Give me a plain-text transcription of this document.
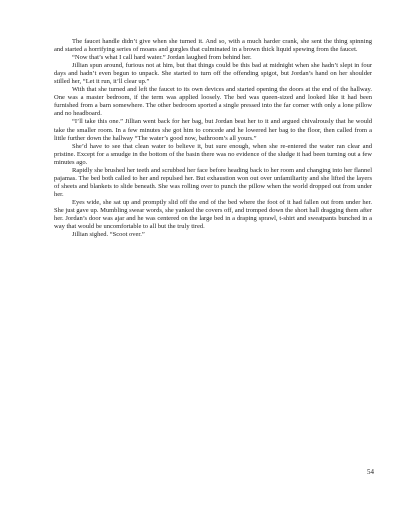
The faucet handle didn’t give when she turned it. And so, with a much harder crank, she sent the thing spinning and started a horrifying series of moans and gurgles that culminated in a brown thick liquid spewing from the faucet.

“Now that’s what I call hard water.” Jordan laughed from behind her.

Jillian spun around, furious not at him, but that things could be this bad at midnight when she hadn’t slept in four days and hadn’t even begun to unpack. She started to turn off the offending spigot, but Jordan’s hand on her shoulder stilled her, “Let it run, it’ll clear up.”

With that she turned and left the faucet to its own devices and started opening the doors at the end of the hallway. One was a master bedroom, if the term was applied loosely. The bed was queen-sized and looked like it had been furnished from a barn somewhere. The other bedroom sported a single pressed into the far corner with only a lone pillow and no headboard.

“I’ll take this one.” Jillian went back for her bag, but Jordan beat her to it and argued chivalrously that he would take the smaller room. In a few minutes she got him to concede and he lowered her bag to the floor, then called from a little further down the hallway “The water’s good now, bathroom’s all yours.”

She’d have to see that clean water to believe it, but sure enough, when she re-entered the water ran clear and pristine. Except for a smudge in the bottom of the basin there was no evidence of the sludge it had been turning out a few minutes ago.

Rapidly she brushed her teeth and scrubbed her face before heading back to her room and changing into her flannel pajamas. The bed both called to her and repulsed her. But exhaustion won out over unfamiliarity and she lifted the layers of sheets and blankets to slide beneath. She was rolling over to punch the pillow when the world dropped out from under her.

Eyes wide, she sat up and promptly slid off the end of the bed where the foot of it had fallen out from under her. She just gave up. Mumbling swear words, she yanked the covers off, and tromped down the short hall dragging them after her. Jordan’s door was ajar and he was centered on the large bed in a draping sprawl, t-shirt and sweatpants bunched in a way that would be uncomfortable to all but the truly tired.

Jillian sighed. “Scoot over.”

54
